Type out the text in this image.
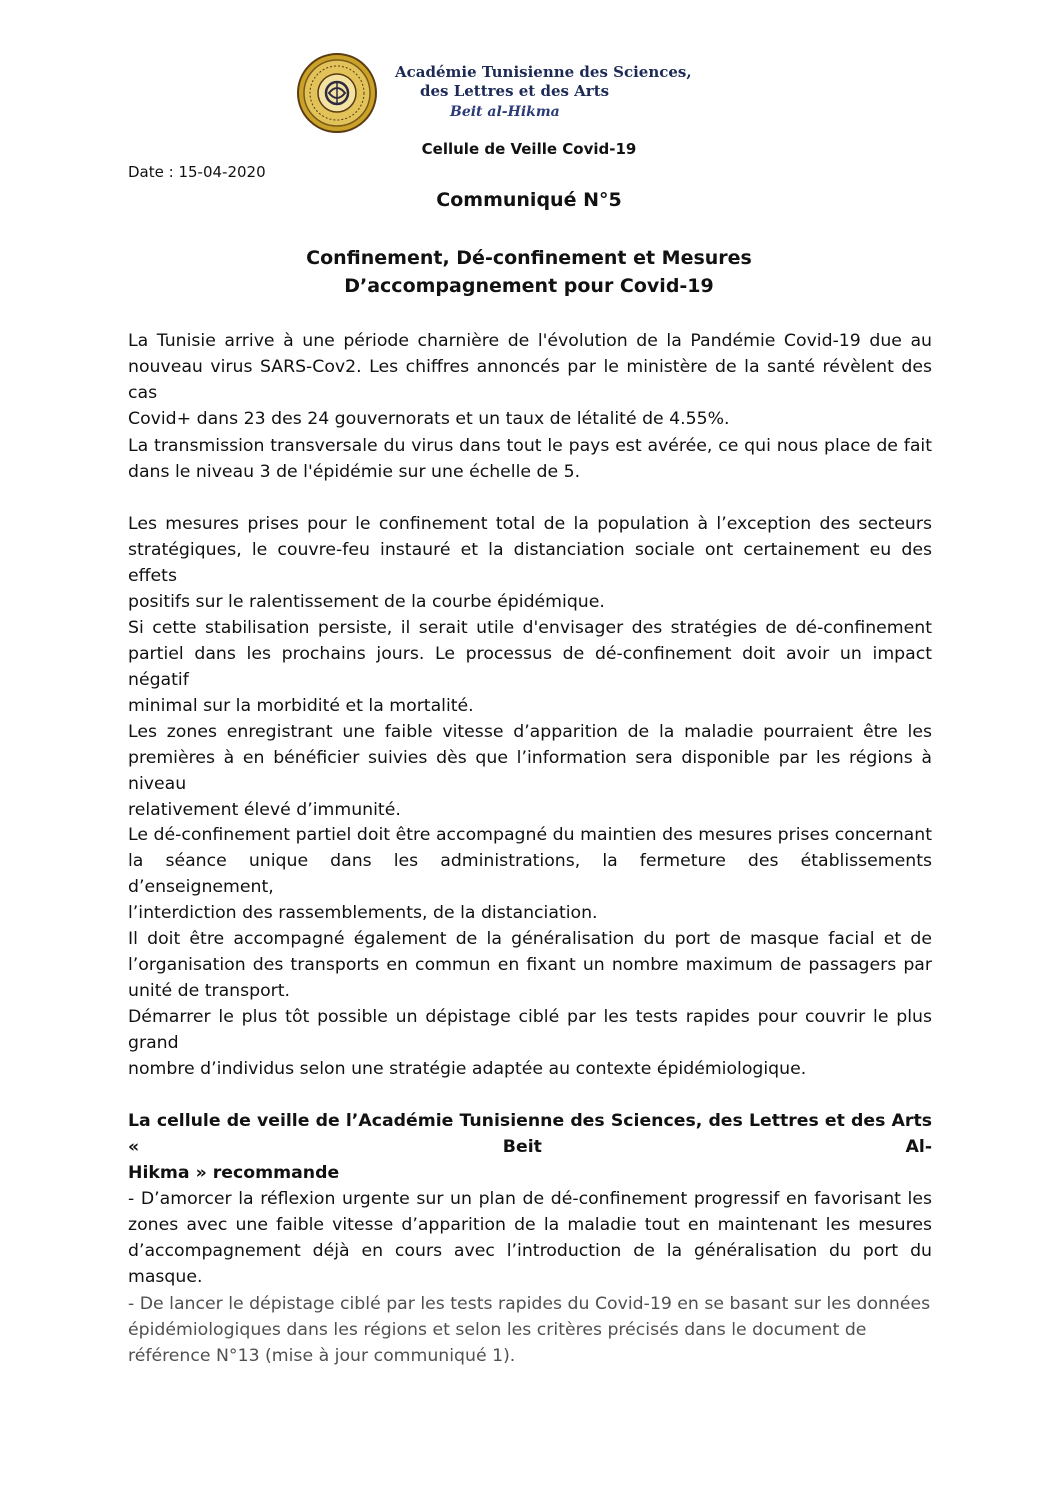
Académie Tunisienne des Sciences,
des Lettres et des Arts
Beit al-Hikma
Cellule de Veille Covid-19
Date : 15-04-2020
Communiqué N°5
Confinement, Dé-confinement et Mesures
D’accompagnement pour Covid-19
La Tunisie arrive à une période charnière de l'évolution de la Pandémie Covid-19 due au
nouveau virus SARS-Cov2. Les chiffres annoncés par le ministère de la santé révèlent des cas
Covid+ dans 23 des 24 gouvernorats et un taux de létalité de 4.55%.
La transmission transversale du virus dans tout le pays est avérée, ce qui nous place de fait
dans le niveau 3 de l'épidémie sur une échelle de 5.
Les mesures prises pour le confinement total de la population à l’exception des secteurs
stratégiques, le couvre-feu instauré et la distanciation sociale ont certainement eu des effets
positifs sur le ralentissement de la courbe épidémique.
Si cette stabilisation persiste, il serait utile d'envisager des stratégies de dé-confinement
partiel dans les prochains jours. Le processus de dé-confinement doit avoir un impact négatif
minimal sur la morbidité et la mortalité.
Les zones enregistrant une faible vitesse d’apparition de la maladie pourraient être les
premières à en bénéficier suivies dès que l’information sera disponible par les régions à niveau
relativement élevé d’immunité.
Le dé-confinement partiel doit être accompagné du maintien des mesures prises concernant
la séance unique dans les administrations, la fermeture des établissements d’enseignement,
l’interdiction des rassemblements, de la distanciation.
Il doit être accompagné également de la généralisation du port de masque facial et de
l’organisation des transports en commun en fixant un nombre maximum de passagers par
unité de transport.
Démarrer le plus tôt possible un dépistage ciblé par les tests rapides pour couvrir le plus grand
nombre d’individus selon une stratégie adaptée au contexte épidémiologique.
La cellule de veille de l’Académie Tunisienne des Sciences, des Lettres et des Arts « Beit Al-
Hikma » recommande
- D’amorcer la réflexion urgente sur un plan de dé-confinement progressif en favorisant les
zones avec une faible vitesse d’apparition de la maladie tout en maintenant les mesures
d’accompagnement déjà en cours avec l’introduction de la généralisation du port du masque.
- De lancer le dépistage ciblé par les tests rapides du Covid-19 en se basant sur les données
épidémiologiques dans les régions et selon les critères précisés dans le document de
référence N°13 (mise à jour communiqué 1).
